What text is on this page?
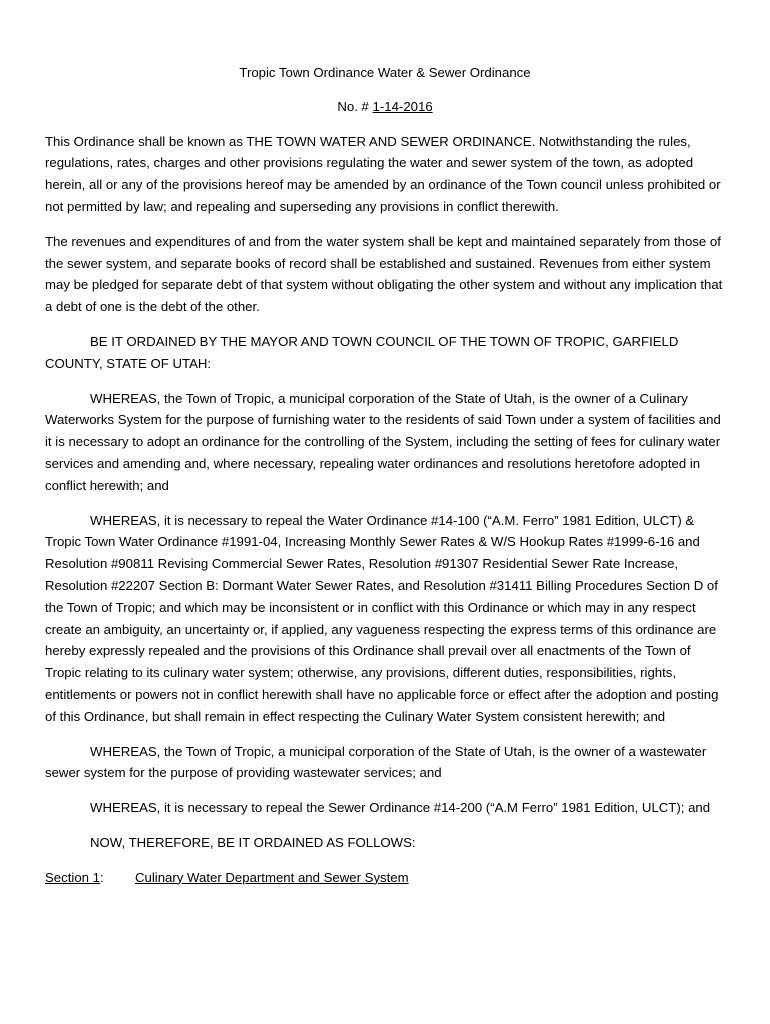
Tropic Town Ordinance Water & Sewer Ordinance
No. # 1-14-2016

This Ordinance shall be known as THE TOWN WATER AND SEWER ORDINANCE. Notwithstanding the rules, regulations, rates, charges and other provisions regulating the water and sewer system of the town, as adopted herein, all or any of the provisions hereof may be amended by an ordinance of the Town council unless prohibited or not permitted by law; and repealing and superseding any provisions in conflict therewith.

The revenues and expenditures of and from the water system shall be kept and maintained separately from those of the sewer system, and separate books of record shall be established and sustained. Revenues from either system may be pledged for separate debt of that system without obligating the other system and without any implication that a debt of one is the debt of the other.

BE IT ORDAINED BY THE MAYOR AND TOWN COUNCIL OF THE TOWN OF TROPIC, GARFIELD COUNTY, STATE OF UTAH:

WHEREAS, the Town of Tropic, a municipal corporation of the State of Utah, is the owner of a Culinary Waterworks System for the purpose of furnishing water to the residents of said Town under a system of facilities and it is necessary to adopt an ordinance for the controlling of the System, including the setting of fees for culinary water services and amending and, where necessary, repealing water ordinances and resolutions heretofore adopted in conflict herewith; and

WHEREAS, it is necessary to repeal the Water Ordinance #14-100 (“A.M. Ferro” 1981 Edition, ULCT) & Tropic Town Water Ordinance #1991-04, Increasing Monthly Sewer Rates & W/S Hookup Rates #1999-6-16 and Resolution #90811 Revising Commercial Sewer Rates, Resolution #91307 Residential Sewer Rate Increase, Resolution #22207 Section B: Dormant Water Sewer Rates, and Resolution #31411 Billing Procedures Section D of the Town of Tropic; and which may be inconsistent or in conflict with this Ordinance or which may in any respect create an ambiguity, an uncertainty or, if applied, any vagueness respecting the express terms of this ordinance are hereby expressly repealed and the provisions of this Ordinance shall prevail over all enactments of the Town of Tropic relating to its culinary water system; otherwise, any provisions, different duties, responsibilities, rights, entitlements or powers not in conflict herewith shall have no applicable force or effect after the adoption and posting of this Ordinance, but shall remain in effect respecting the Culinary Water System consistent herewith; and

WHEREAS, the Town of Tropic, a municipal corporation of the State of Utah, is the owner of a wastewater sewer system for the purpose of providing wastewater services; and

WHEREAS, it is necessary to repeal the Sewer Ordinance #14-200 (“A.M Ferro” 1981 Edition, ULCT); and

NOW, THEREFORE, BE IT ORDAINED AS FOLLOWS:

Section 1: Culinary Water Department and Sewer System
